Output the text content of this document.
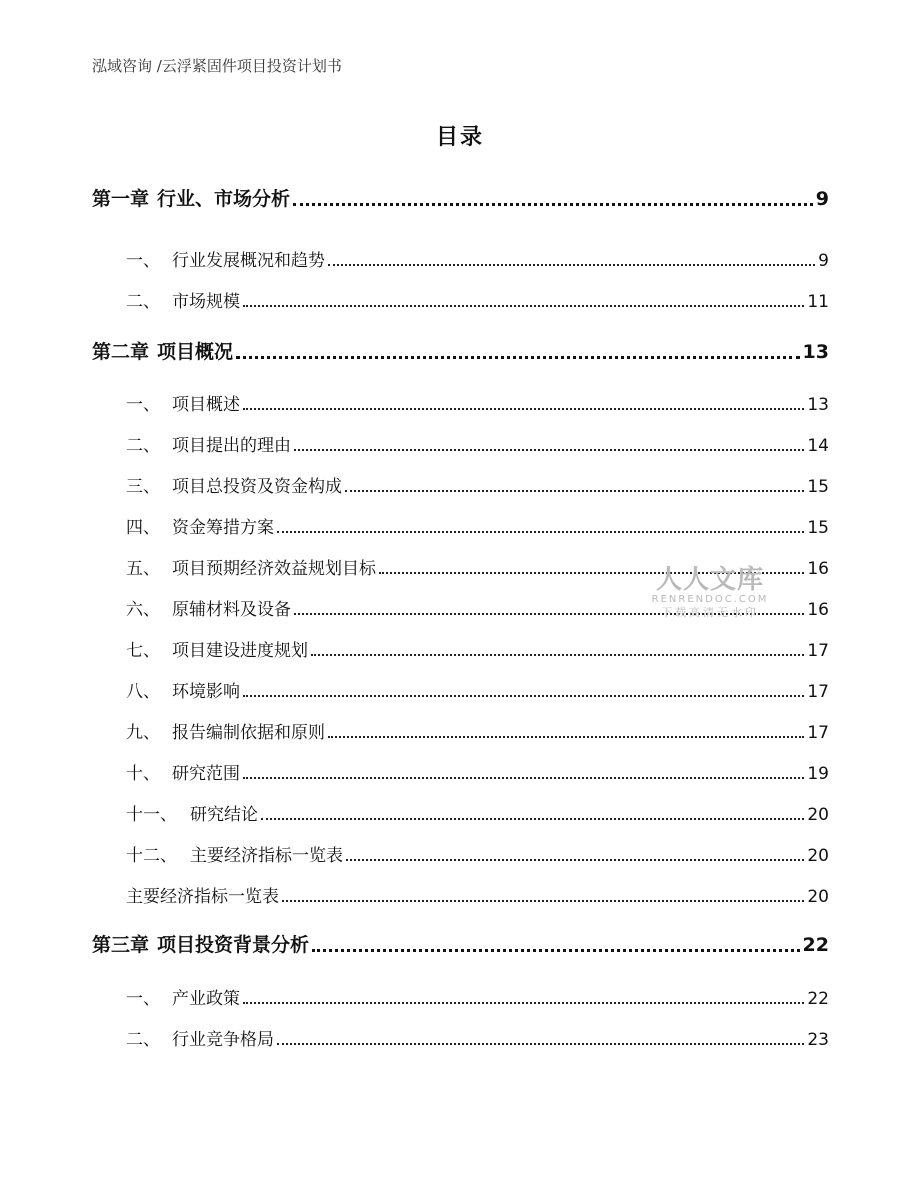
泓域咨询 /云浮紧固件项目投资计划书
目录
第一章 行业、市场分析	9
一、 行业发展概况和趋势	9
二、 市场规模	11
第二章 项目概况	13
一、 项目概述	13
二、 项目提出的理由	14
三、 项目总投资及资金构成	15
四、 资金筹措方案	15
五、 项目预期经济效益规划目标	16
六、 原辅材料及设备	16
七、 项目建设进度规划	17
八、 环境影响	17
九、 报告编制依据和原则	17
十、 研究范围	19
十一、 研究结论	20
十二、 主要经济指标一览表	20
主要经济指标一览表	20
第三章 项目投资背景分析	22
一、 产业政策	22
二、 行业竞争格局	23
人人文库
RENRENDOC.COM
下载高清无水印
